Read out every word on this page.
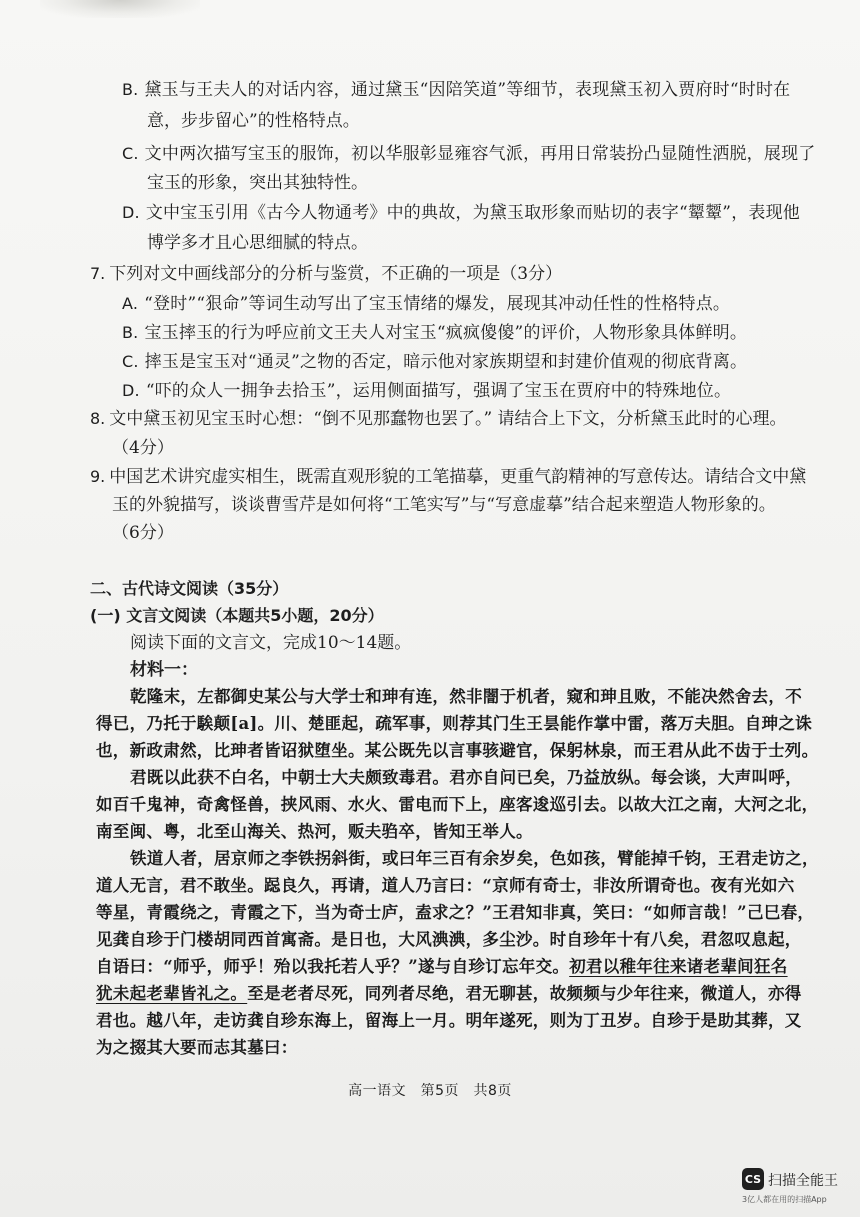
B. 黛玉与王夫人的对话内容，通过黛玉“因陪笑道”等细节，表现黛玉初入贾府时“时时在
意，步步留心”的性格特点。
C. 文中两次描写宝玉的服饰，初以华服彰显雍容气派，再用日常装扮凸显随性洒脱，展现了
宝玉的形象，突出其独特性。
D. 文中宝玉引用《古今人物通考》中的典故，为黛玉取形象而贴切的表字“颦颦”，表现他
博学多才且心思细腻的特点。
7. 下列对文中画线部分的分析与鉴赏，不正确的一项是（3分）
A. “登时”“狠命”等词生动写出了宝玉情绪的爆发，展现其冲动任性的性格特点。
B. 宝玉摔玉的行为呼应前文王夫人对宝玉“疯疯傻傻”的评价，人物形象具体鲜明。
C. 摔玉是宝玉对“通灵”之物的否定，暗示他对家族期望和封建价值观的彻底背离。
D. “吓的众人一拥争去拾玉”，运用侧面描写，强调了宝玉在贾府中的特殊地位。
8. 文中黛玉初见宝玉时心想：“倒不见那蠢物也罢了。” 请结合上下文，分析黛玉此时的心理。
（4分）
9. 中国艺术讲究虚实相生，既需直观形貌的工笔描摹，更重气韵精神的写意传达。请结合文中黛
玉的外貌描写，谈谈曹雪芹是如何将“工笔实写”与“写意虚摹”结合起来塑造人物形象的。
（6分）
二、古代诗文阅读（35分）
(一) 文言文阅读（本题共5小题，20分）
阅读下面的文言文，完成10～14题。
材料一：
乾隆末，左都御史某公与大学士和珅有连，然非闇于机者，窥和珅且败，不能决然舍去，不
得已，乃托于騃颠[a]。川、楚匪起，疏军事，则荐其门生王昙能作掌中雷，落万夫胆。自珅之诛
也，新政肃然，比珅者皆诏狱堕坐。某公既先以言事骇避官，保躬林泉，而王君从此不齿于士列。
君既以此获不白名，中朝士大夫颇致毒君。君亦自问已矣，乃益放纵。每会谈，大声叫呼，
如百千鬼神，奇禽怪兽，挟风雨、水火、雷电而下上，座客逡巡引去。以故大江之南，大河之北，
南至闽、粤，北至山海关、热河，贩夫驺卒，皆知王举人。
铁道人者，居京师之李铁拐斜街，或曰年三百有余岁矣，色如孩，臂能掉千钧，王君走访之，
道人无言，君不敢坐。跽良久，再请，道人乃言曰：“京师有奇士，非汝所谓奇也。夜有光如六
等星，青霞绕之，青霞之下，当为奇士庐，盍求之？”王君知非真，笑曰：“如师言哉！”己巳春，
见龚自珍于门楼胡同西首寓斋。是日也，大风淟淟，多尘沙。时自珍年十有八矣，君忽叹息起，
自语曰：“师乎，师乎！殆以我托若人乎？”遂与自珍订忘年交。初君以稚年往来诸老辈间狂名
犹未起老辈皆礼之。至是老者尽死，同列者尽绝，君无聊甚，故频频与少年往来，微道人，亦得
君也。越八年，走访龚自珍东海上，留海上一月。明年遂死，则为丁丑岁。自珍于是助其葬，又
为之掇其大要而志其墓曰：
高一语文　第5页　共8页
CS 扫描全能王
3亿人都在用的扫描App
